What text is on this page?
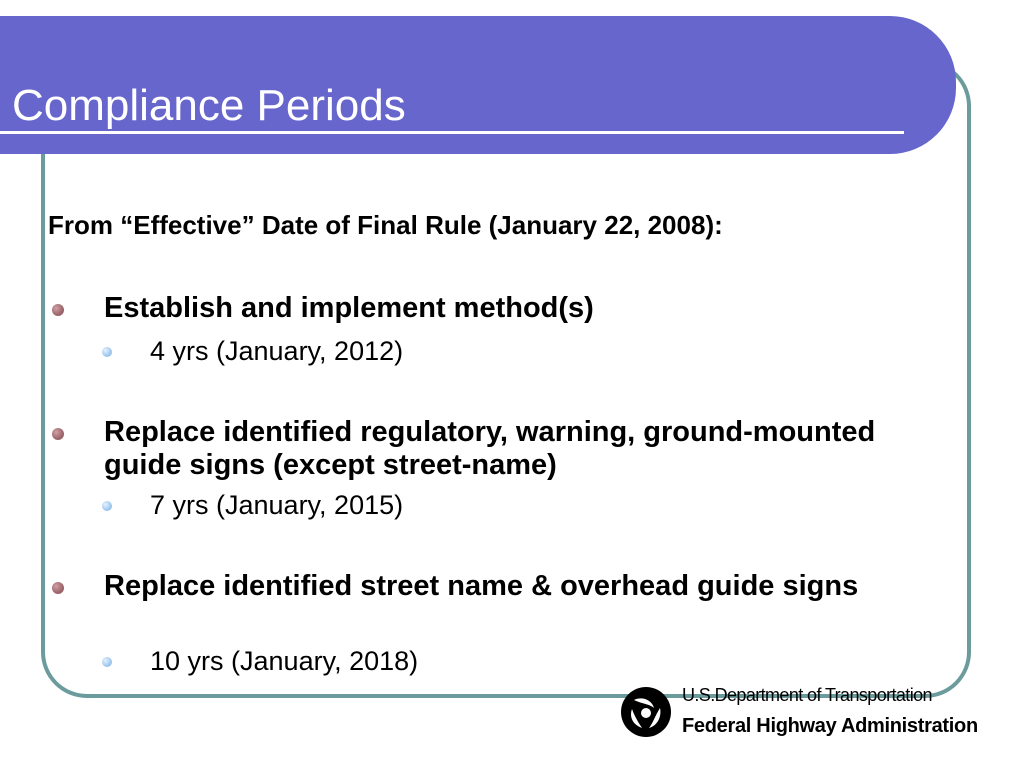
Compliance Periods
From “Effective” Date of Final Rule (January 22, 2008):
Establish and implement method(s)
4 yrs (January, 2012)
Replace identified regulatory, warning, ground-mounted guide signs (except street-name)
7 yrs (January, 2015)
Replace identified street name & overhead guide signs
10 yrs (January, 2018)
U.S.Department of Transportation
Federal Highway Administration
